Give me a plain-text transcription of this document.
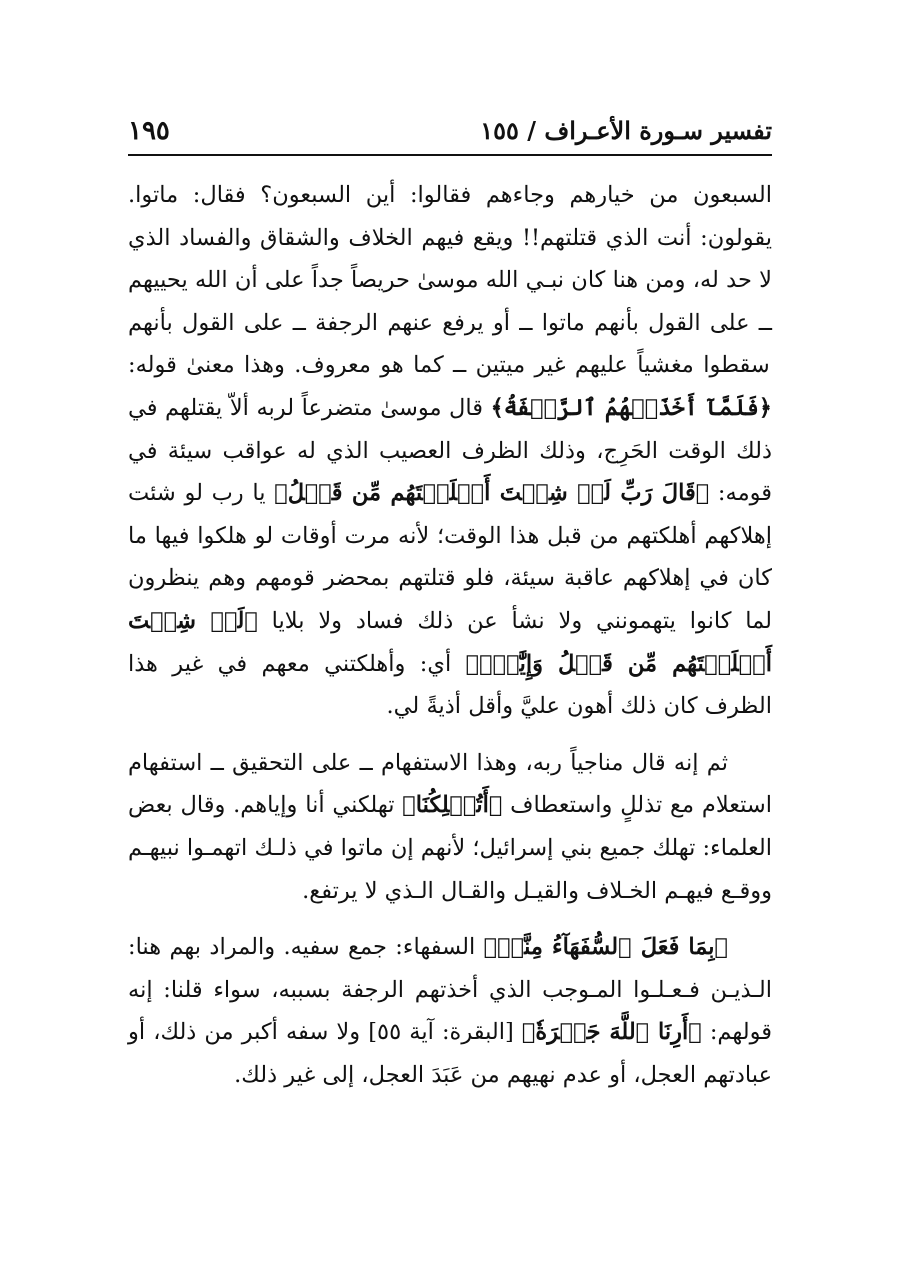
تفسير سـورة الأعـراف / ١٥٥
١٩٥

السبعون من خيارهم وجاءهم فقالوا: أين السبعون؟ فقال: ماتوا. يقولون: أنت الذي قتلتهم!! ويقع فيهم الخلاف والشقاق والفساد الذي لا حد له، ومن هنا كان نبـي الله موسىٰ حريصاً جداً على أن الله يحييهم ــ على القول بأنهم ماتوا ــ أو يرفع عنهم الرجفة ــ على القول بأنهم سقطوا مغشياً عليهم غير ميتين ــ كما هو معروف. وهذا معنىٰ قوله: ﴿فَلَمَّآ أَخَذَتۡهُمُ ٱلرَّجۡفَةُ﴾ قال موسىٰ متضرعاً لربه ألاّ يقتلهم في ذلك الوقت الحَرِج، وذلك الظرف العصيب الذي له عواقب سيئة في قومه: ﴿قَالَ رَبِّ لَوۡ شِئۡتَ أَهۡلَكۡتَهُم مِّن قَبۡلُ﴾ يا رب لو شئت إهلاكهم أهلكتهم من قبل هذا الوقت؛ لأنه مرت أوقات لو هلكوا فيها ما كان في إهلاكهم عاقبة سيئة، فلو قتلتهم بمحضر قومهم وهم ينظرون لما كانوا يتهمونني ولا نشأ عن ذلك فساد ولا بلايا ﴿لَوۡ شِئۡتَ أَهۡلَكۡتَهُم مِّن قَبۡلُ وَإِيَّٰيَۖ﴾ أي: وأهلكتني معهم في غير هذا الظرف كان ذلك أهون عليَّ وأقل أذيةً لي.

ثم إنه قال مناجياً ربه، وهذا الاستفهام ــ على التحقيق ــ استفهام استعلام مع تذللٍ واستعطاف ﴿أَتُهۡلِكُنَا﴾ تهلكني أنا وإياهم. وقال بعض العلماء: تهلك جميع بني إسرائيل؛ لأنهم إن ماتوا في ذلـك اتهمـوا نبيهـم ووقـع فيهـم الخـلاف والقيـل والقـال الـذي لا يرتفع.

﴿بِمَا فَعَلَ ٱلسُّفَهَآءُ مِنَّآۖ﴾ السفهاء: جمع سفيه. والمراد بهم هنا: الـذيـن فـعـلـوا المـوجب الذي أخذتهم الرجفة بسببه، سواء قلنا: إنه قولهم: ﴿أَرِنَا ٱللَّهَ جَهۡرَةٗ﴾ [البقرة: آية ٥٥] ولا سفه أكبر من ذلك، أو عبادتهم العجل، أو عدم نهيهم من عَبَدَ العجل، إلى غير ذلك.
